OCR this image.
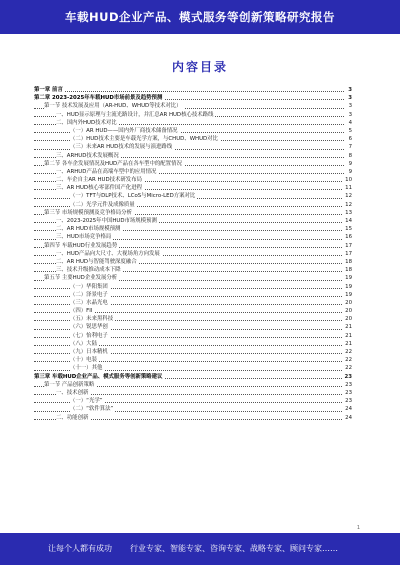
车载HUD企业产品、模式服务等创新策略研究报告
内容目录
第一章 前言	3
第二章 2023-2025年车载HUD市场前景及趋势预测	3
第一节 技术发展及应用（AR-HUD、WHUD等技术对比）	3
一、HUD显示原理与主流光路设计，并汇总AR HUD核心技术路线	3
二、国内外HUD技术对比	4
（一）AR HUD——国内外厂商技术储备情况	5
（二）HUD技术主要是车载光学方案，与CHUD、WHUD对比	6
（三）未来AR HUD技术的发展与演进路线	7
三、ARHUD技术发展概况	8
第二节 各车企发展情况及HUD产品在各车型中的配置情况	9
一、ARHUD产品在高端车型中的应用情况	9
二、车企自主AR HUD技术研发布局	10
三、AR HUD核心零部件国产化进程	11
（一）TFT与DLP技术、LCoS与Micro-LED方案对比	12
（二）光学元件及成像质量	12
第三节 市场规模预测及竞争格局分析	13
一、2023-2025年中国HUD市场规模预测	14
二、AR HUD市场规模预测	15
三、HUD市场竞争格局	16
第四节 车载HUD行业发展趋势	17
一、HUD产品向大尺寸、大视场角方向发展	17
二、AR HUD与智能驾驶深度融合	18
三、技术升级推动成本下降	18
第五节 主要HUD企业发展分析	19
（一）华阳集团	19
（二）泽景电子	19
（三）水晶光电	20
（四）FII	20
（五）未来黑科技	20
（六）锐思华创	21
（七）怡利电子	21
（八）大陆	21
（九）日本精机	22
（十）电装	22
（十一）其他	22
第三章 车载HUD企业产品、模式服务等创新策略建议	23
第一节 产品创新策略	23
一、技术创新	23
（一）“光学”	23
（二）“软件算法”	24
二、功能创新	24
1
让每个人都有成功 行业专家、智能专家、咨询专家、战略专家、顾问专家……
